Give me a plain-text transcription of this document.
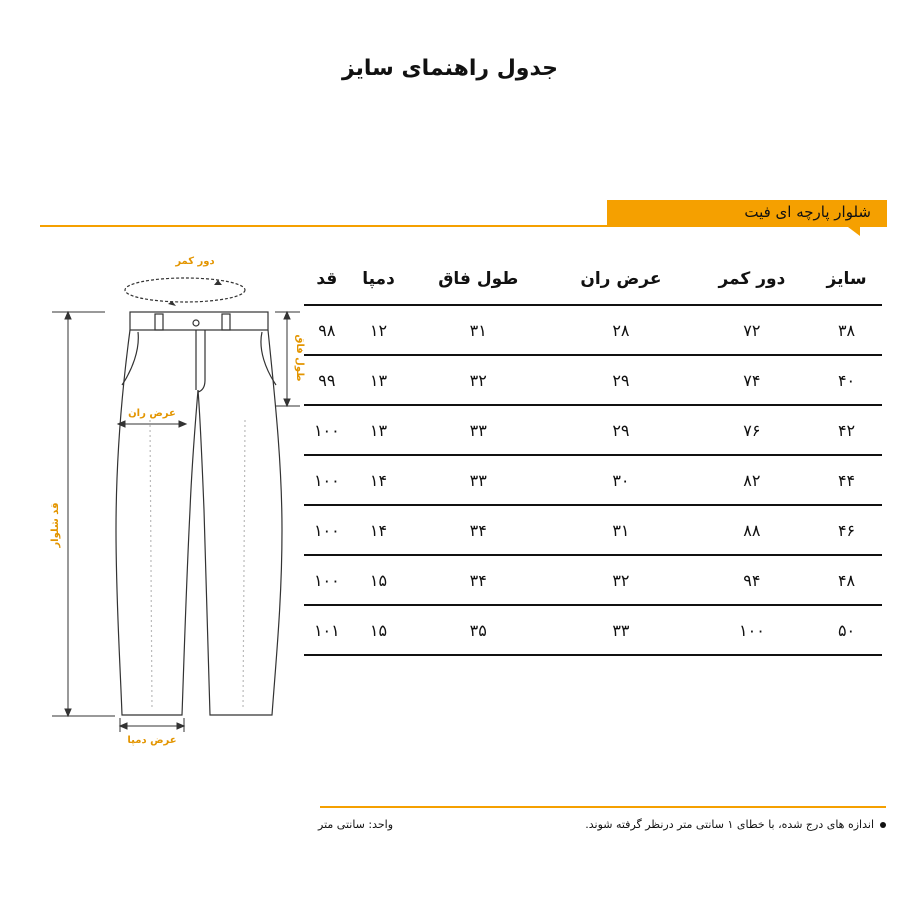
جدول راهنمای سایز
شلوار پارچه ای فیت
دور کمر
طول فاق
عرض ران
قد شلوار
عرض دمپا
سایز	دور کمر	عرض ران	طول فاق	دمپا	قد
۳۸	۷۲	۲۸	۳۱	۱۲	۹۸
۴۰	۷۴	۲۹	۳۲	۱۳	۹۹
۴۲	۷۶	۲۹	۳۳	۱۳	۱۰۰
۴۴	۸۲	۳۰	۳۳	۱۴	۱۰۰
۴۶	۸۸	۳۱	۳۴	۱۴	۱۰۰
۴۸	۹۴	۳۲	۳۴	۱۵	۱۰۰
۵۰	۱۰۰	۳۳	۳۵	۱۵	۱۰۱
اندازه های درج شده، با خطای ۱ سانتی متر درنظر گرفته شوند.
واحد: سانتی متر
